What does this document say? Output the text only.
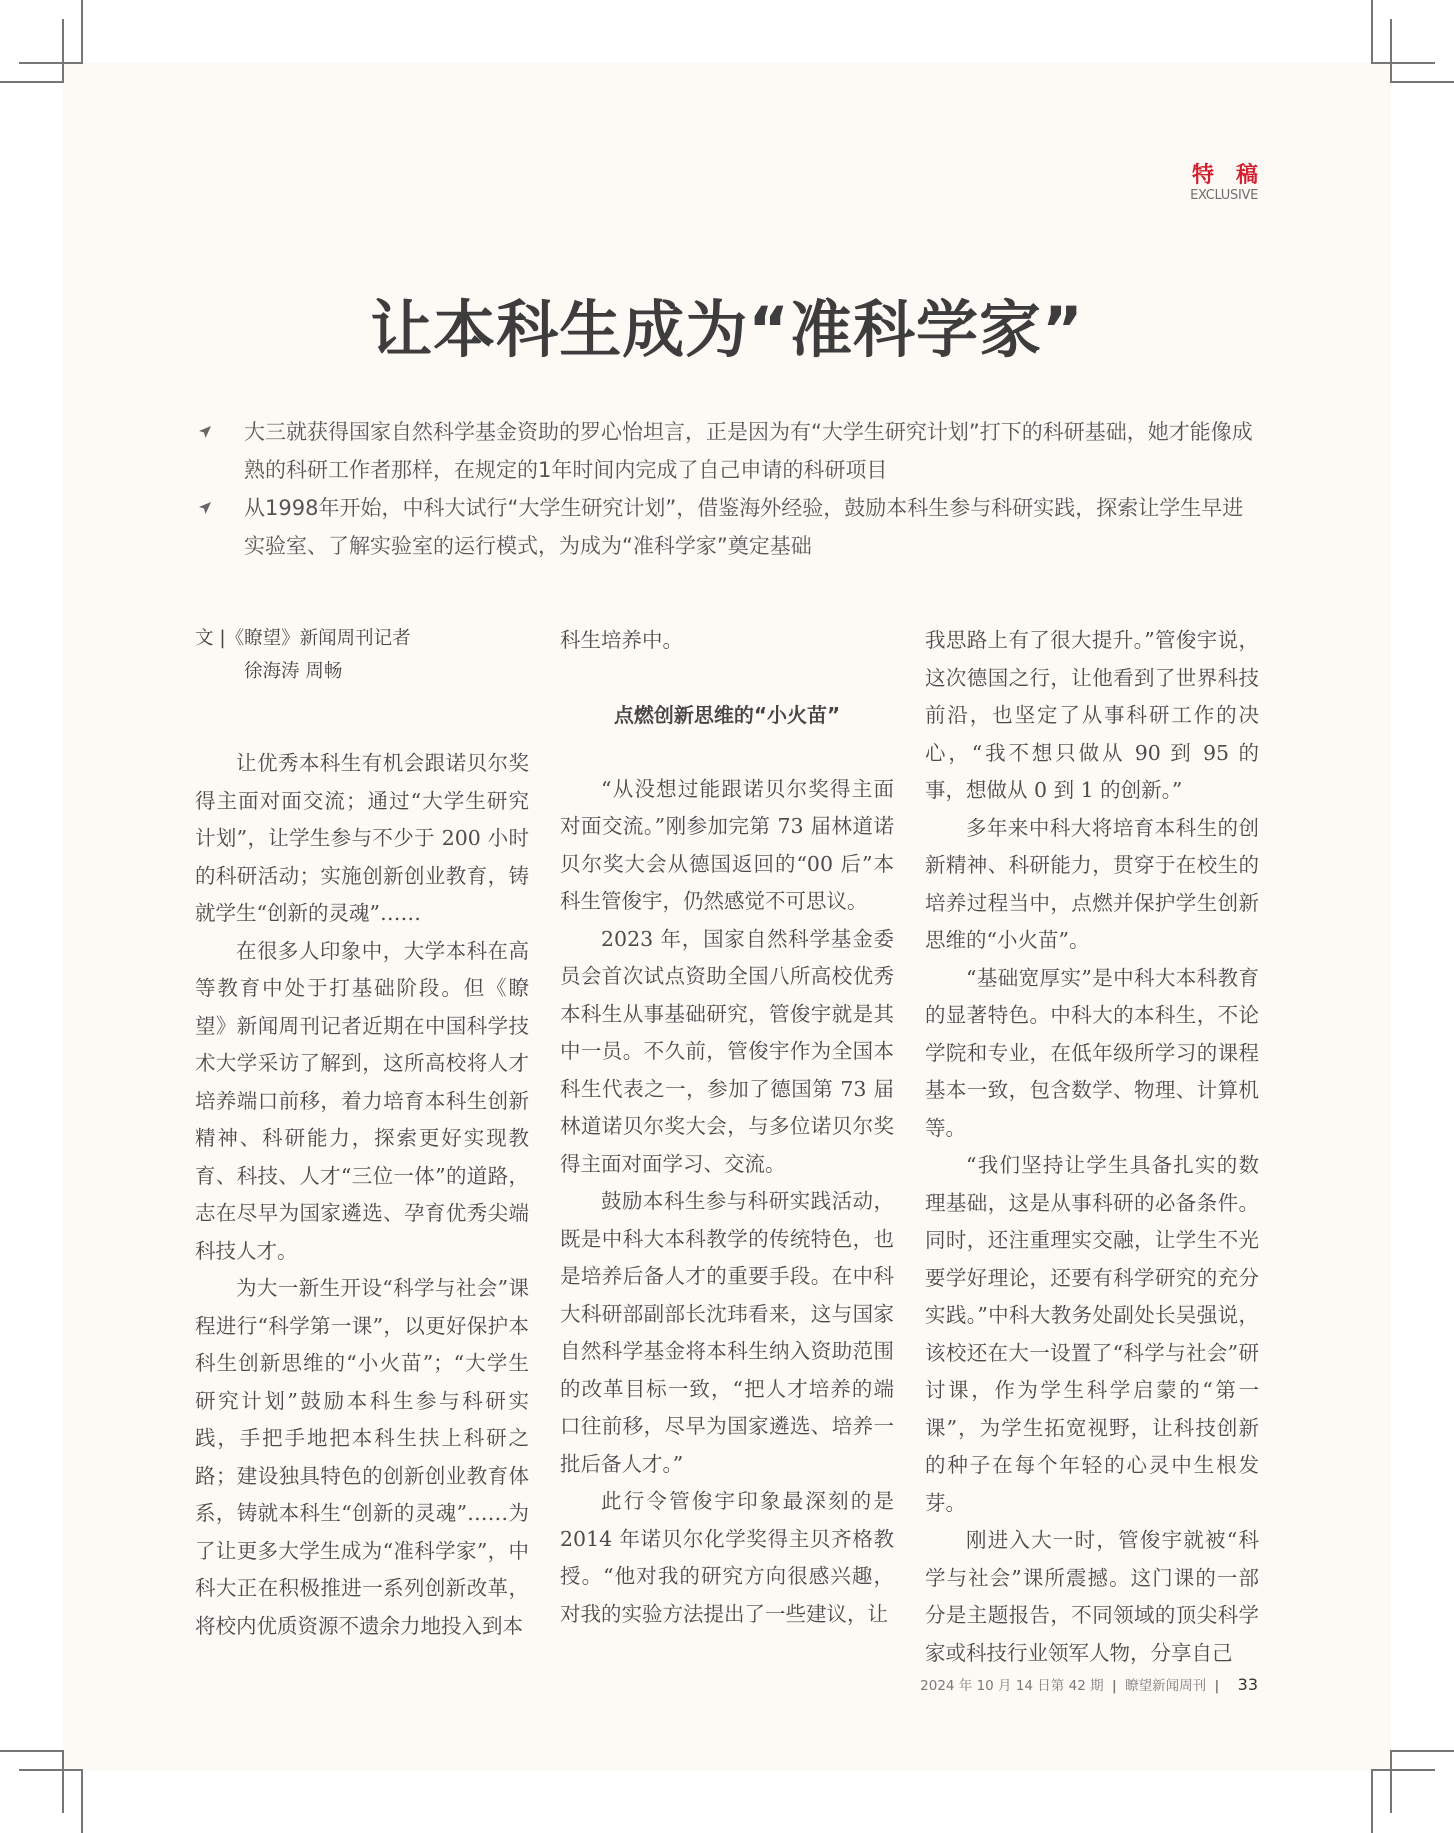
特稿
EXCLUSIVE
让本科生成为“准科学家”
大三就获得国家自然科学基金资助的罗心怡坦言，正是因为有“大学生研究计划”打下的科研基础，她才能像成熟的科研工作者那样，在规定的1年时间内完成了自己申请的科研项目
从1998年开始，中科大试行“大学生研究计划”，借鉴海外经验，鼓励本科生参与科研实践，探索让学生早进实验室、了解实验室的运行模式，为成为“准科学家”奠定基础
文 |《瞭望》新闻周刊记者
徐海涛 周畅

让优秀本科生有机会跟诺贝尔奖得主面对面交流；通过“大学生研究计划”，让学生参与不少于 200 小时的科研活动；实施创新创业教育，铸就学生“创新的灵魂”……

在很多人印象中，大学本科在高等教育中处于打基础阶段。但《瞭望》新闻周刊记者近期在中国科学技术大学采访了解到，这所高校将人才培养端口前移，着力培育本科生创新精神、科研能力，探索更好实现教育、科技、人才“三位一体”的道路，志在尽早为国家遴选、孕育优秀尖端科技人才。

为大一新生开设“科学与社会”课程进行“科学第一课”，以更好保护本科生创新思维的“小火苗”；“大学生研究计划”鼓励本科生参与科研实践，手把手地把本科生扶上科研之路；建设独具特色的创新创业教育体系，铸就本科生“创新的灵魂”……为了让更多大学生成为“准科学家”，中科大正在积极推进一系列创新改革，将校内优质资源不遗余力地投入到本

科生培养中。

点燃创新思维的“小火苗”

“从没想过能跟诺贝尔奖得主面对面交流。”刚参加完第 73 届林道诺贝尔奖大会从德国返回的“00 后”本科生管俊宇，仍然感觉不可思议。

2023 年，国家自然科学基金委员会首次试点资助全国八所高校优秀本科生从事基础研究，管俊宇就是其中一员。不久前，管俊宇作为全国本科生代表之一，参加了德国第 73 届林道诺贝尔奖大会，与多位诺贝尔奖得主面对面学习、交流。

鼓励本科生参与科研实践活动，既是中科大本科教学的传统特色，也是培养后备人才的重要手段。在中科大科研部副部长沈玮看来，这与国家自然科学基金将本科生纳入资助范围的改革目标一致，“把人才培养的端口往前移，尽早为国家遴选、培养一批后备人才。”

此行令管俊宇印象最深刻的是 2014 年诺贝尔化学奖得主贝齐格教授。“他对我的研究方向很感兴趣，对我的实验方法提出了一些建议，让

我思路上有了很大提升。”管俊宇说，这次德国之行，让他看到了世界科技前沿，也坚定了从事科研工作的决心，“我不想只做从 90 到 95 的事，想做从 0 到 1 的创新。”

多年来中科大将培育本科生的创新精神、科研能力，贯穿于在校生的培养过程当中，点燃并保护学生创新思维的“小火苗”。

“基础宽厚实”是中科大本科教育的显著特色。中科大的本科生，不论学院和专业，在低年级所学习的课程基本一致，包含数学、物理、计算机等。

“我们坚持让学生具备扎实的数理基础，这是从事科研的必备条件。同时，还注重理实交融，让学生不光要学好理论，还要有科学研究的充分实践。”中科大教务处副处长吴强说，该校还在大一设置了“科学与社会”研讨课，作为学生科学启蒙的“第一课”，为学生拓宽视野，让科技创新的种子在每个年轻的心灵中生根发芽。

刚进入大一时，管俊宇就被“科学与社会”课所震撼。这门课的一部分是主题报告，不同领域的顶尖科学家或科技行业领军人物，分享自己

2024 年 10 月 14 日第 42 期 | 瞭望新闻周刊 | 33
